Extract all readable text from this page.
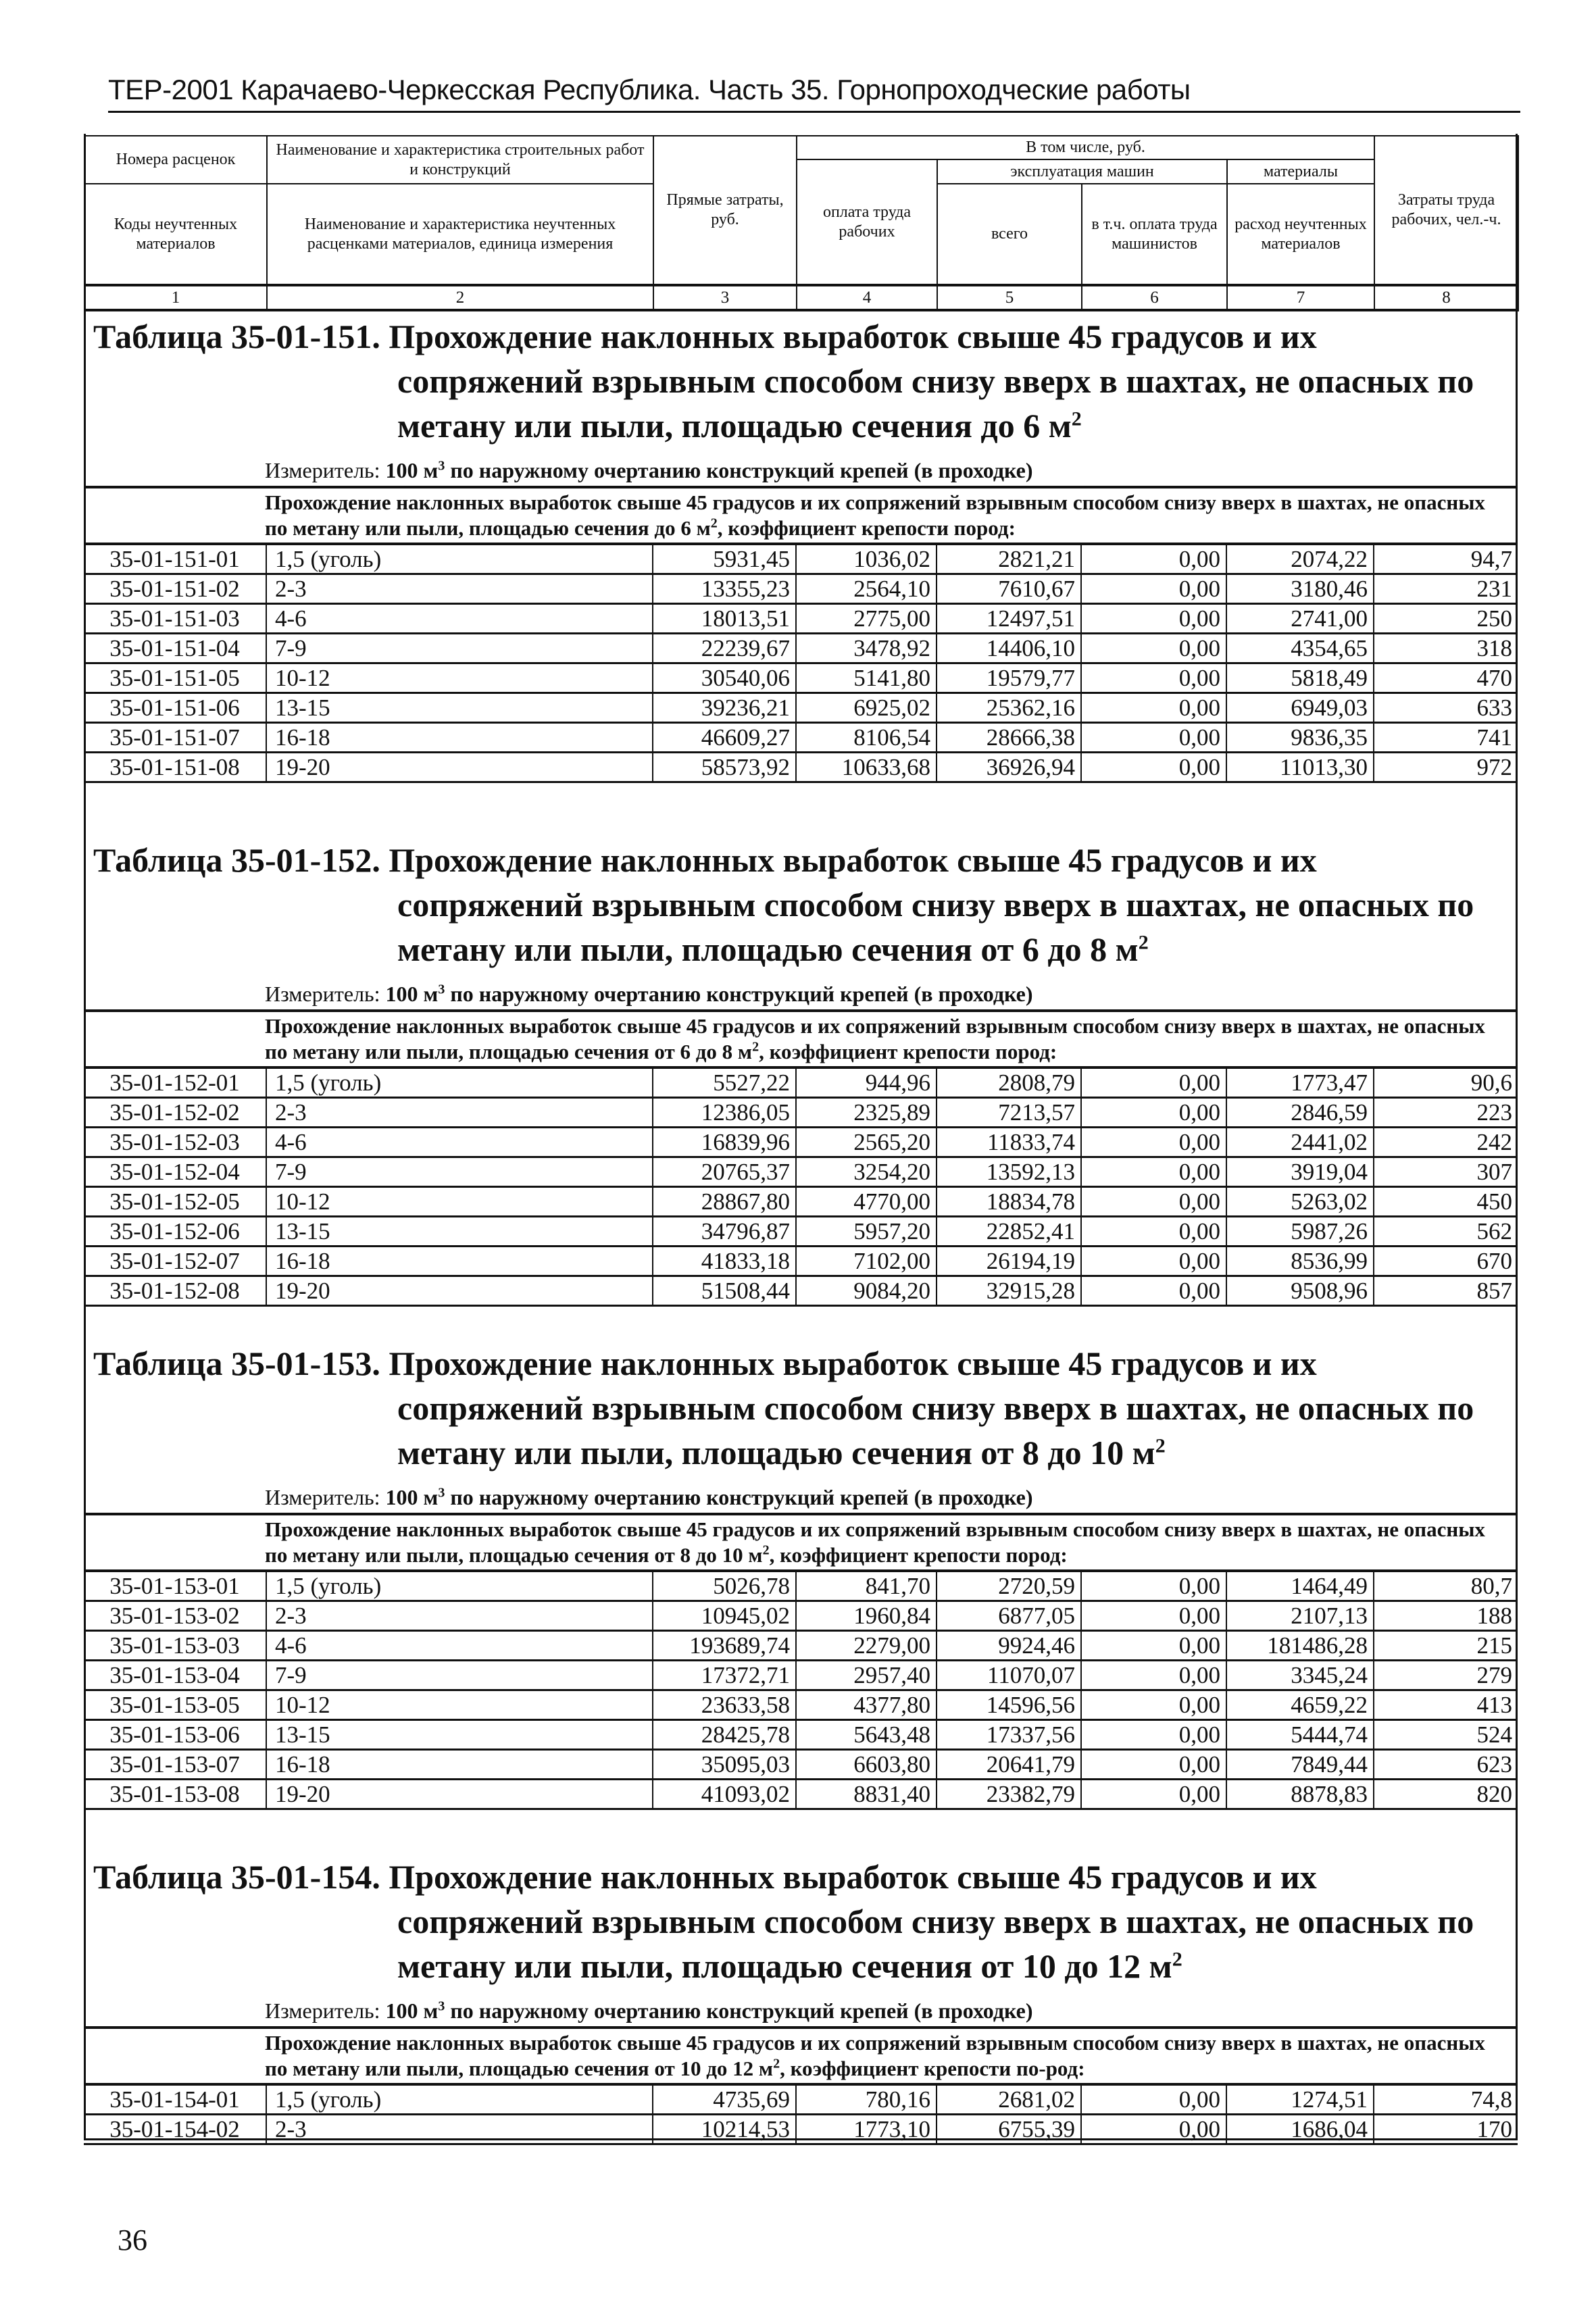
ТЕР-2001 Карачаево-Черкесская Республика. Часть 35. Горнопроходческие работы
Номера расценок	Наименование и характеристика строительных работ и конструкций	Прямые затраты, руб.	В том числе, руб.				Затраты труда рабочих, чел.-ч.
			оплата труда рабочих	эксплуатация машин		материалы	
Коды неучтенных материалов	Наименование и характеристика неучтенных расценками материалов, единица измерения			всего	в т.ч. оплата труда машинистов	расход неучтенных материалов	

1	2	3	4	5	6	7	8
Таблица 35-01-151. Прохождение наклонных выработок свыше 45 градусов и их
сопряжений взрывным способом снизу вверх в шахтах, не опасных по
метану или пыли, площадью сечения до 6 $м^2$
Измеритель: 100 $м^3$ по наружному очертанию конструкций крепей (в проходке)
Прохождение наклонных выработок свыше 45 градусов и их сопряжений взрывным способом снизу вверх в шахтах, не опасных по метану или пыли, площадью сечения до 6 $м^2$, коэффициент крепости пород:
35-01-151-01	1,5 (уголь)	5931,45	1036,02	2821,21	0,00	2074,22	94,7
35-01-151-02	2-3	13355,23	2564,10	7610,67	0,00	3180,46	231
35-01-151-03	4-6	18013,51	2775,00	12497,51	0,00	2741,00	250
35-01-151-04	7-9	22239,67	3478,92	14406,10	0,00	4354,65	318
35-01-151-05	10-12	30540,06	5141,80	19579,77	0,00	5818,49	470
35-01-151-06	13-15	39236,21	6925,02	25362,16	0,00	6949,03	633
35-01-151-07	16-18	46609,27	8106,54	28666,38	0,00	9836,35	741
35-01-151-08	19-20	58573,92	10633,68	36926,94	0,00	11013,30	972
Таблица 35-01-152. Прохождение наклонных выработок свыше 45 градусов и их
сопряжений взрывным способом снизу вверх в шахтах, не опасных по
метану или пыли, площадью сечения от 6 до 8 $м^2$
Измеритель: 100 $м^3$ по наружному очертанию конструкций крепей (в проходке)
Прохождение наклонных выработок свыше 45 градусов и их сопряжений взрывным способом снизу вверх в шахтах, не опасных по метану или пыли, площадью сечения от 6 до 8 $м^2$, коэффициент крепости пород:
35-01-152-01	1,5 (уголь)	5527,22	944,96	2808,79	0,00	1773,47	90,6
35-01-152-02	2-3	12386,05	2325,89	7213,57	0,00	2846,59	223
35-01-152-03	4-6	16839,96	2565,20	11833,74	0,00	2441,02	242
35-01-152-04	7-9	20765,37	3254,20	13592,13	0,00	3919,04	307
35-01-152-05	10-12	28867,80	4770,00	18834,78	0,00	5263,02	450
35-01-152-06	13-15	34796,87	5957,20	22852,41	0,00	5987,26	562
35-01-152-07	16-18	41833,18	7102,00	26194,19	0,00	8536,99	670
35-01-152-08	19-20	51508,44	9084,20	32915,28	0,00	9508,96	857
Таблица 35-01-153. Прохождение наклонных выработок свыше 45 градусов и их
сопряжений взрывным способом снизу вверх в шахтах, не опасных по
метану или пыли, площадью сечения от 8 до 10 $м^2$
Измеритель: 100 $м^3$ по наружному очертанию конструкций крепей (в проходке)
Прохождение наклонных выработок свыше 45 градусов и их сопряжений взрывным способом снизу вверх в шахтах, не опасных по метану или пыли, площадью сечения от 8 до 10 $м^2$, коэффициент крепости пород:
35-01-153-01	1,5 (уголь)	5026,78	841,70	2720,59	0,00	1464,49	80,7
35-01-153-02	2-3	10945,02	1960,84	6877,05	0,00	2107,13	188
35-01-153-03	4-6	193689,74	2279,00	9924,46	0,00	181486,28	215
35-01-153-04	7-9	17372,71	2957,40	11070,07	0,00	3345,24	279
35-01-153-05	10-12	23633,58	4377,80	14596,56	0,00	4659,22	413
35-01-153-06	13-15	28425,78	5643,48	17337,56	0,00	5444,74	524
35-01-153-07	16-18	35095,03	6603,80	20641,79	0,00	7849,44	623
35-01-153-08	19-20	41093,02	8831,40	23382,79	0,00	8878,83	820
Таблица 35-01-154. Прохождение наклонных выработок свыше 45 градусов и их
сопряжений взрывным способом снизу вверх в шахтах, не опасных по
метану или пыли, площадью сечения от 10 до 12 $м^2$
Измеритель: 100 $м^3$ по наружному очертанию конструкций крепей (в проходке)
Прохождение наклонных выработок свыше 45 градусов и их сопряжений взрывным способом снизу вверх в шахтах, не опасных по метану или пыли, площадью сечения от 10 до 12 $м^2$, коэффициент крепости по-род:
35-01-154-01	1,5 (уголь)	4735,69	780,16	2681,02	0,00	1274,51	74,8
35-01-154-02	2-3	10214,53	1773,10	6755,39	0,00	1686,04	170
36
